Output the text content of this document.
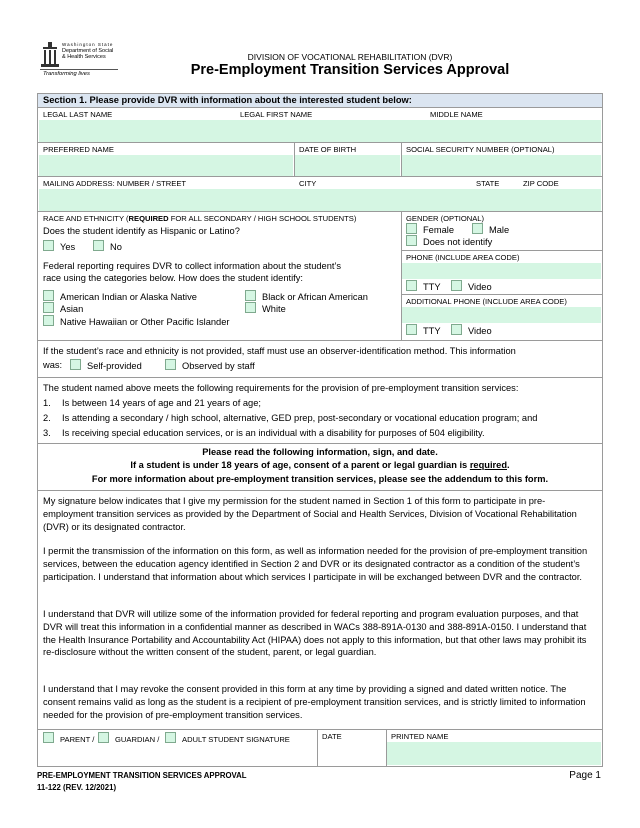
Washington State
Department of Social
& Health Services
Transforming lives
DIVISION OF VOCATIONAL REHABILITATION (DVR)
Pre-Employment Transition Services Approval
Section 1. Please provide DVR with information about the interested student below:
LEGAL LAST NAME	LEGAL FIRST NAME	MIDDLE NAME
PREFERRED NAME	DATE OF BIRTH	SOCIAL SECURITY NUMBER (OPTIONAL)
MAILING ADDRESS: NUMBER / STREET	CITY	STATE	ZIP CODE
RACE AND ETHNICITY (REQUIRED FOR ALL SECONDARY / HIGH SCHOOL STUDENTS)
Does the student identify as Hispanic or Latino?
Yes	No
Federal reporting requires DVR to collect information about the student’s
race using the categories below. How does the student identify:
American Indian or Alaska Native	Black or African American
Asian	White
Native Hawaiian or Other Pacific Islander
GENDER (OPTIONAL)
Female	Male
Does not identify
PHONE (INCLUDE AREA CODE)
TTY	Video
ADDITIONAL PHONE (INCLUDE AREA CODE)
TTY	Video
If the student’s race and ethnicity is not provided, staff must use an observer-identification method. This information
was:	Self-provided	Observed by staff
The student named above meets the following requirements for the provision of pre-employment transition services:
1. Is between 14 years of age and 21 years of age;
2. Is attending a secondary / high school, alternative, GED prep, post-secondary or vocational education program; and
3. Is receiving special education services, or is an individual with a disability for purposes of 504 eligibility.
Please read the following information, sign, and date.
If a student is under 18 years of age, consent of a parent or legal guardian is required.
For more information about pre-employment transition services, please see the addendum to this form.
My signature below indicates that I give my permission for the student named in Section 1 of this form to participate in pre-employment transition services as provided by the Department of Social and Health Services, Division of Vocational Rehabilitation (DVR) or its designated contractor.
I permit the transmission of the information on this form, as well as information needed for the provision of pre-employment transition services, between the education agency identified in Section 2 and DVR or its designated contractor as a condition of the student’s participation. I understand that information about which services I participate in will be exchanged between DVR and the contractor.
I understand that DVR will utilize some of the information provided for federal reporting and program evaluation purposes, and that DVR will treat this information in a confidential manner as described in WACs 388-891A-0130 and 388-891A-0150. I understand that the Health Insurance Portability and Accountability Act (HIPAA) does not apply to this information, but that other laws may prohibit its re-disclosure without the written consent of the student, parent, or legal guardian.
I understand that I may revoke the consent provided in this form at any time by providing a signed and dated written notice. The consent remains valid as long as the student is a recipient of pre-employment transition services, and is strictly limited to information needed for the provision of pre-employment transition services.
PARENT /	GUARDIAN /	ADULT STUDENT SIGNATURE	DATE	PRINTED NAME
PRE-EMPLOYMENT TRANSITION SERVICES APPROVAL
11-122 (REV. 12/2021)
Page 1
